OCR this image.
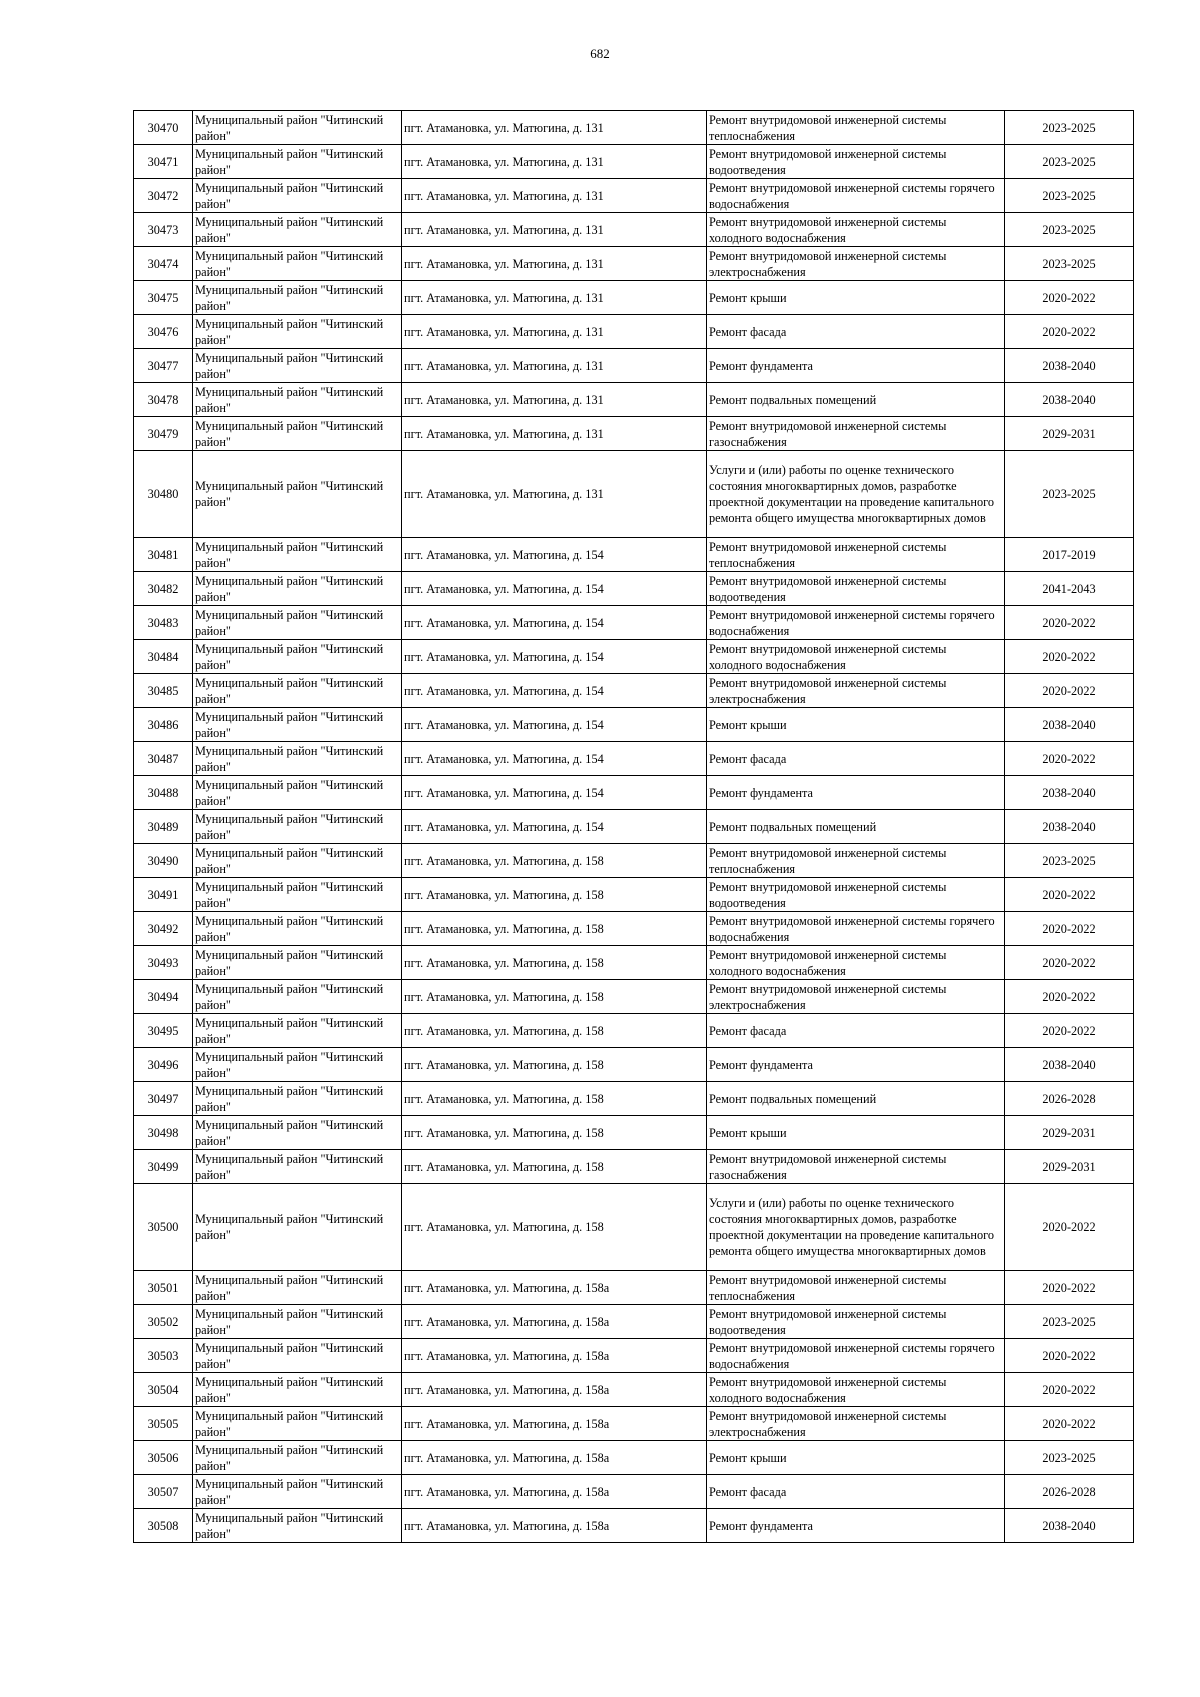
682
30470	Муниципальный район "Читинский район"	пгт. Атамановка, ул. Матюгина, д. 131	Ремонт внутридомовой инженерной системы теплоснабжения	2023-2025
30471	Муниципальный район "Читинский район"	пгт. Атамановка, ул. Матюгина, д. 131	Ремонт внутридомовой инженерной системы водоотведения	2023-2025
30472	Муниципальный район "Читинский район"	пгт. Атамановка, ул. Матюгина, д. 131	Ремонт внутридомовой инженерной системы горячего водоснабжения	2023-2025
30473	Муниципальный район "Читинский район"	пгт. Атамановка, ул. Матюгина, д. 131	Ремонт внутридомовой инженерной системы холодного водоснабжения	2023-2025
30474	Муниципальный район "Читинский район"	пгт. Атамановка, ул. Матюгина, д. 131	Ремонт внутридомовой инженерной системы электроснабжения	2023-2025
30475	Муниципальный район "Читинский район"	пгт. Атамановка, ул. Матюгина, д. 131	Ремонт крыши	2020-2022
30476	Муниципальный район "Читинский район"	пгт. Атамановка, ул. Матюгина, д. 131	Ремонт фасада	2020-2022
30477	Муниципальный район "Читинский район"	пгт. Атамановка, ул. Матюгина, д. 131	Ремонт фундамента	2038-2040
30478	Муниципальный район "Читинский район"	пгт. Атамановка, ул. Матюгина, д. 131	Ремонт подвальных помещений	2038-2040
30479	Муниципальный район "Читинский район"	пгт. Атамановка, ул. Матюгина, д. 131	Ремонт внутридомовой инженерной системы газоснабжения	2029-2031
30480	Муниципальный район "Читинский район"	пгт. Атамановка, ул. Матюгина, д. 131	Услуги и (или) работы по оценке технического состояния многоквартирных домов, разработке проектной документации на проведение капитального ремонта общего имущества многоквартирных домов	2023-2025
30481	Муниципальный район "Читинский район"	пгт. Атамановка, ул. Матюгина, д. 154	Ремонт внутридомовой инженерной системы теплоснабжения	2017-2019
30482	Муниципальный район "Читинский район"	пгт. Атамановка, ул. Матюгина, д. 154	Ремонт внутридомовой инженерной системы водоотведения	2041-2043
30483	Муниципальный район "Читинский район"	пгт. Атамановка, ул. Матюгина, д. 154	Ремонт внутридомовой инженерной системы горячего водоснабжения	2020-2022
30484	Муниципальный район "Читинский район"	пгт. Атамановка, ул. Матюгина, д. 154	Ремонт внутридомовой инженерной системы холодного водоснабжения	2020-2022
30485	Муниципальный район "Читинский район"	пгт. Атамановка, ул. Матюгина, д. 154	Ремонт внутридомовой инженерной системы электроснабжения	2020-2022
30486	Муниципальный район "Читинский район"	пгт. Атамановка, ул. Матюгина, д. 154	Ремонт крыши	2038-2040
30487	Муниципальный район "Читинский район"	пгт. Атамановка, ул. Матюгина, д. 154	Ремонт фасада	2020-2022
30488	Муниципальный район "Читинский район"	пгт. Атамановка, ул. Матюгина, д. 154	Ремонт фундамента	2038-2040
30489	Муниципальный район "Читинский район"	пгт. Атамановка, ул. Матюгина, д. 154	Ремонт подвальных помещений	2038-2040
30490	Муниципальный район "Читинский район"	пгт. Атамановка, ул. Матюгина, д. 158	Ремонт внутридомовой инженерной системы теплоснабжения	2023-2025
30491	Муниципальный район "Читинский район"	пгт. Атамановка, ул. Матюгина, д. 158	Ремонт внутридомовой инженерной системы водоотведения	2020-2022
30492	Муниципальный район "Читинский район"	пгт. Атамановка, ул. Матюгина, д. 158	Ремонт внутридомовой инженерной системы горячего водоснабжения	2020-2022
30493	Муниципальный район "Читинский район"	пгт. Атамановка, ул. Матюгина, д. 158	Ремонт внутридомовой инженерной системы холодного водоснабжения	2020-2022
30494	Муниципальный район "Читинский район"	пгт. Атамановка, ул. Матюгина, д. 158	Ремонт внутридомовой инженерной системы электроснабжения	2020-2022
30495	Муниципальный район "Читинский район"	пгт. Атамановка, ул. Матюгина, д. 158	Ремонт фасада	2020-2022
30496	Муниципальный район "Читинский район"	пгт. Атамановка, ул. Матюгина, д. 158	Ремонт фундамента	2038-2040
30497	Муниципальный район "Читинский район"	пгт. Атамановка, ул. Матюгина, д. 158	Ремонт подвальных помещений	2026-2028
30498	Муниципальный район "Читинский район"	пгт. Атамановка, ул. Матюгина, д. 158	Ремонт крыши	2029-2031
30499	Муниципальный район "Читинский район"	пгт. Атамановка, ул. Матюгина, д. 158	Ремонт внутридомовой инженерной системы газоснабжения	2029-2031
30500	Муниципальный район "Читинский район"	пгт. Атамановка, ул. Матюгина, д. 158	Услуги и (или) работы по оценке технического состояния многоквартирных домов, разработке проектной документации на проведение капитального ремонта общего имущества многоквартирных домов	2020-2022
30501	Муниципальный район "Читинский район"	пгт. Атамановка, ул. Матюгина, д. 158а	Ремонт внутридомовой инженерной системы теплоснабжения	2020-2022
30502	Муниципальный район "Читинский район"	пгт. Атамановка, ул. Матюгина, д. 158а	Ремонт внутридомовой инженерной системы водоотведения	2023-2025
30503	Муниципальный район "Читинский район"	пгт. Атамановка, ул. Матюгина, д. 158а	Ремонт внутридомовой инженерной системы горячего водоснабжения	2020-2022
30504	Муниципальный район "Читинский район"	пгт. Атамановка, ул. Матюгина, д. 158а	Ремонт внутридомовой инженерной системы холодного водоснабжения	2020-2022
30505	Муниципальный район "Читинский район"	пгт. Атамановка, ул. Матюгина, д. 158а	Ремонт внутридомовой инженерной системы электроснабжения	2020-2022
30506	Муниципальный район "Читинский район"	пгт. Атамановка, ул. Матюгина, д. 158а	Ремонт крыши	2023-2025
30507	Муниципальный район "Читинский район"	пгт. Атамановка, ул. Матюгина, д. 158а	Ремонт фасада	2026-2028
30508	Муниципальный район "Читинский район"	пгт. Атамановка, ул. Матюгина, д. 158а	Ремонт фундамента	2038-2040
